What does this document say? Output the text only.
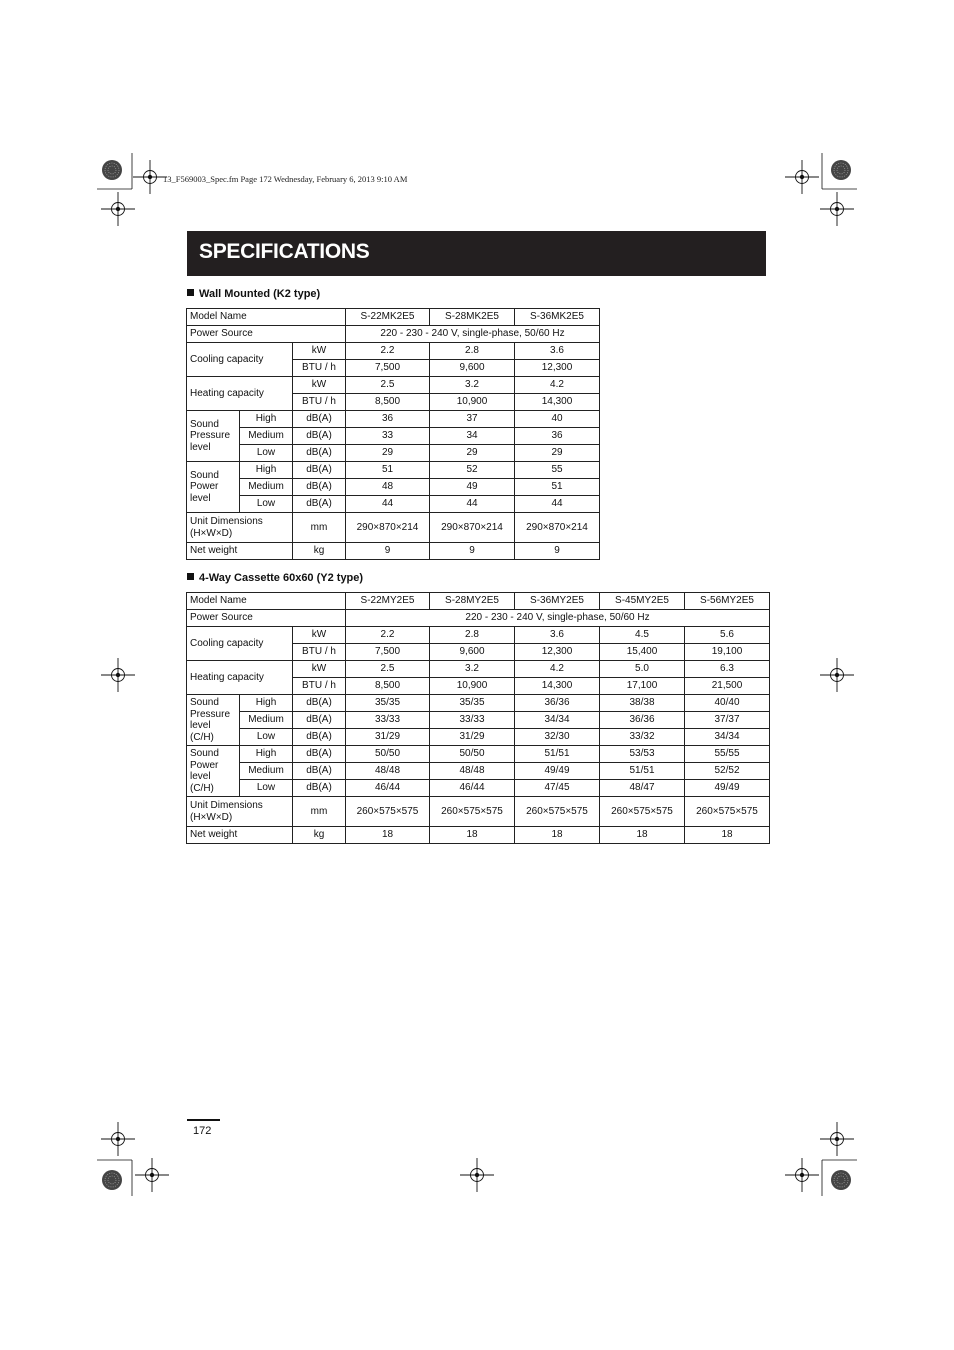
13_F569003_Spec.fm Page 172 Wednesday, February 6, 2013 9:10 AM
SPECIFICATIONS
Wall Mounted (K2 type)
Model Name			S-22MK2E5	S-28MK2E5	S-36MK2E5
Power Source			220 - 230 - 240 V, single-phase, 50/60 Hz		
Cooling capacity		kW	2.2	2.8	3.6
		BTU / h	7,500	9,600	12,300
Heating capacity		kW	2.5	3.2	4.2
		BTU / h	8,500	10,900	14,300
Sound
Pressure
level	High	dB(A)	36	37	40
	Medium	dB(A)	33	34	36
	Low	dB(A)	29	29	29
Sound
Power
level	High	dB(A)	51	52	55
	Medium	dB(A)	48	49	51
	Low	dB(A)	44	44	44
Unit Dimensions
(H×W×D)		mm	290×870×214	290×870×214	290×870×214
Net weight		kg	9	9	9
4-Way Cassette 60x60 (Y2 type)
Model Name			S-22MY2E5	S-28MY2E5	S-36MY2E5	S-45MY2E5	S-56MY2E5
Power Source			220 - 230 - 240 V, single-phase, 50/60 Hz				
Cooling capacity		kW	2.2	2.8	3.6	4.5	5.6
		BTU / h	7,500	9,600	12,300	15,400	19,100
Heating capacity		kW	2.5	3.2	4.2	5.0	6.3
		BTU / h	8,500	10,900	14,300	17,100	21,500
Sound
Pressure
level (C/H)	High	dB(A)	35/35	35/35	36/36	38/38	40/40
	Medium	dB(A)	33/33	33/33	34/34	36/36	37/37
	Low	dB(A)	31/29	31/29	32/30	33/32	34/34
Sound
Power
level (C/H)	High	dB(A)	50/50	50/50	51/51	53/53	55/55
	Medium	dB(A)	48/48	48/48	49/49	51/51	52/52
	Low	dB(A)	46/44	46/44	47/45	48/47	49/49
Unit Dimensions
(H×W×D)		mm	260×575×575	260×575×575	260×575×575	260×575×575	260×575×575
Net weight		kg	18	18	18	18	18
172
